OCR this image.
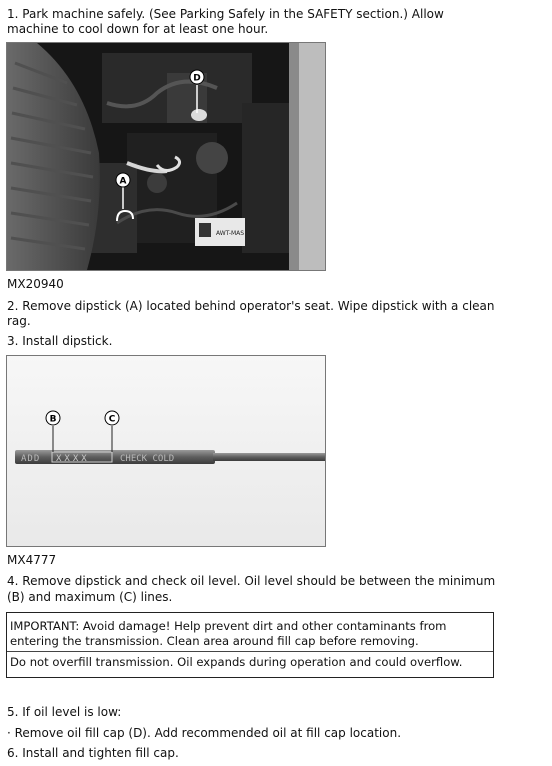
1. Park machine safely. (See Parking Safely in the SAFETY section.) Allow
machine to cool down for at least one hour.
AWT-MAS
D
A
MX20940
2. Remove dipstick (A) located behind operator's seat. Wipe dipstick with a clean
rag.
3. Install dipstick.
ADD XXXX	CHECK COLD
B	C
MX4777
4. Remove dipstick and check oil level. Oil level should be between the minimum
(B) and maximum (C) lines.
IMPORTANT: Avoid damage! Help prevent dirt and other contaminants from
entering the transmission. Clean area around fill cap before removing.
Do not overfill transmission. Oil expands during operation and could overflow.
5. If oil level is low:
· Remove oil fill cap (D). Add recommended oil at fill cap location.
6. Install and tighten fill cap.
